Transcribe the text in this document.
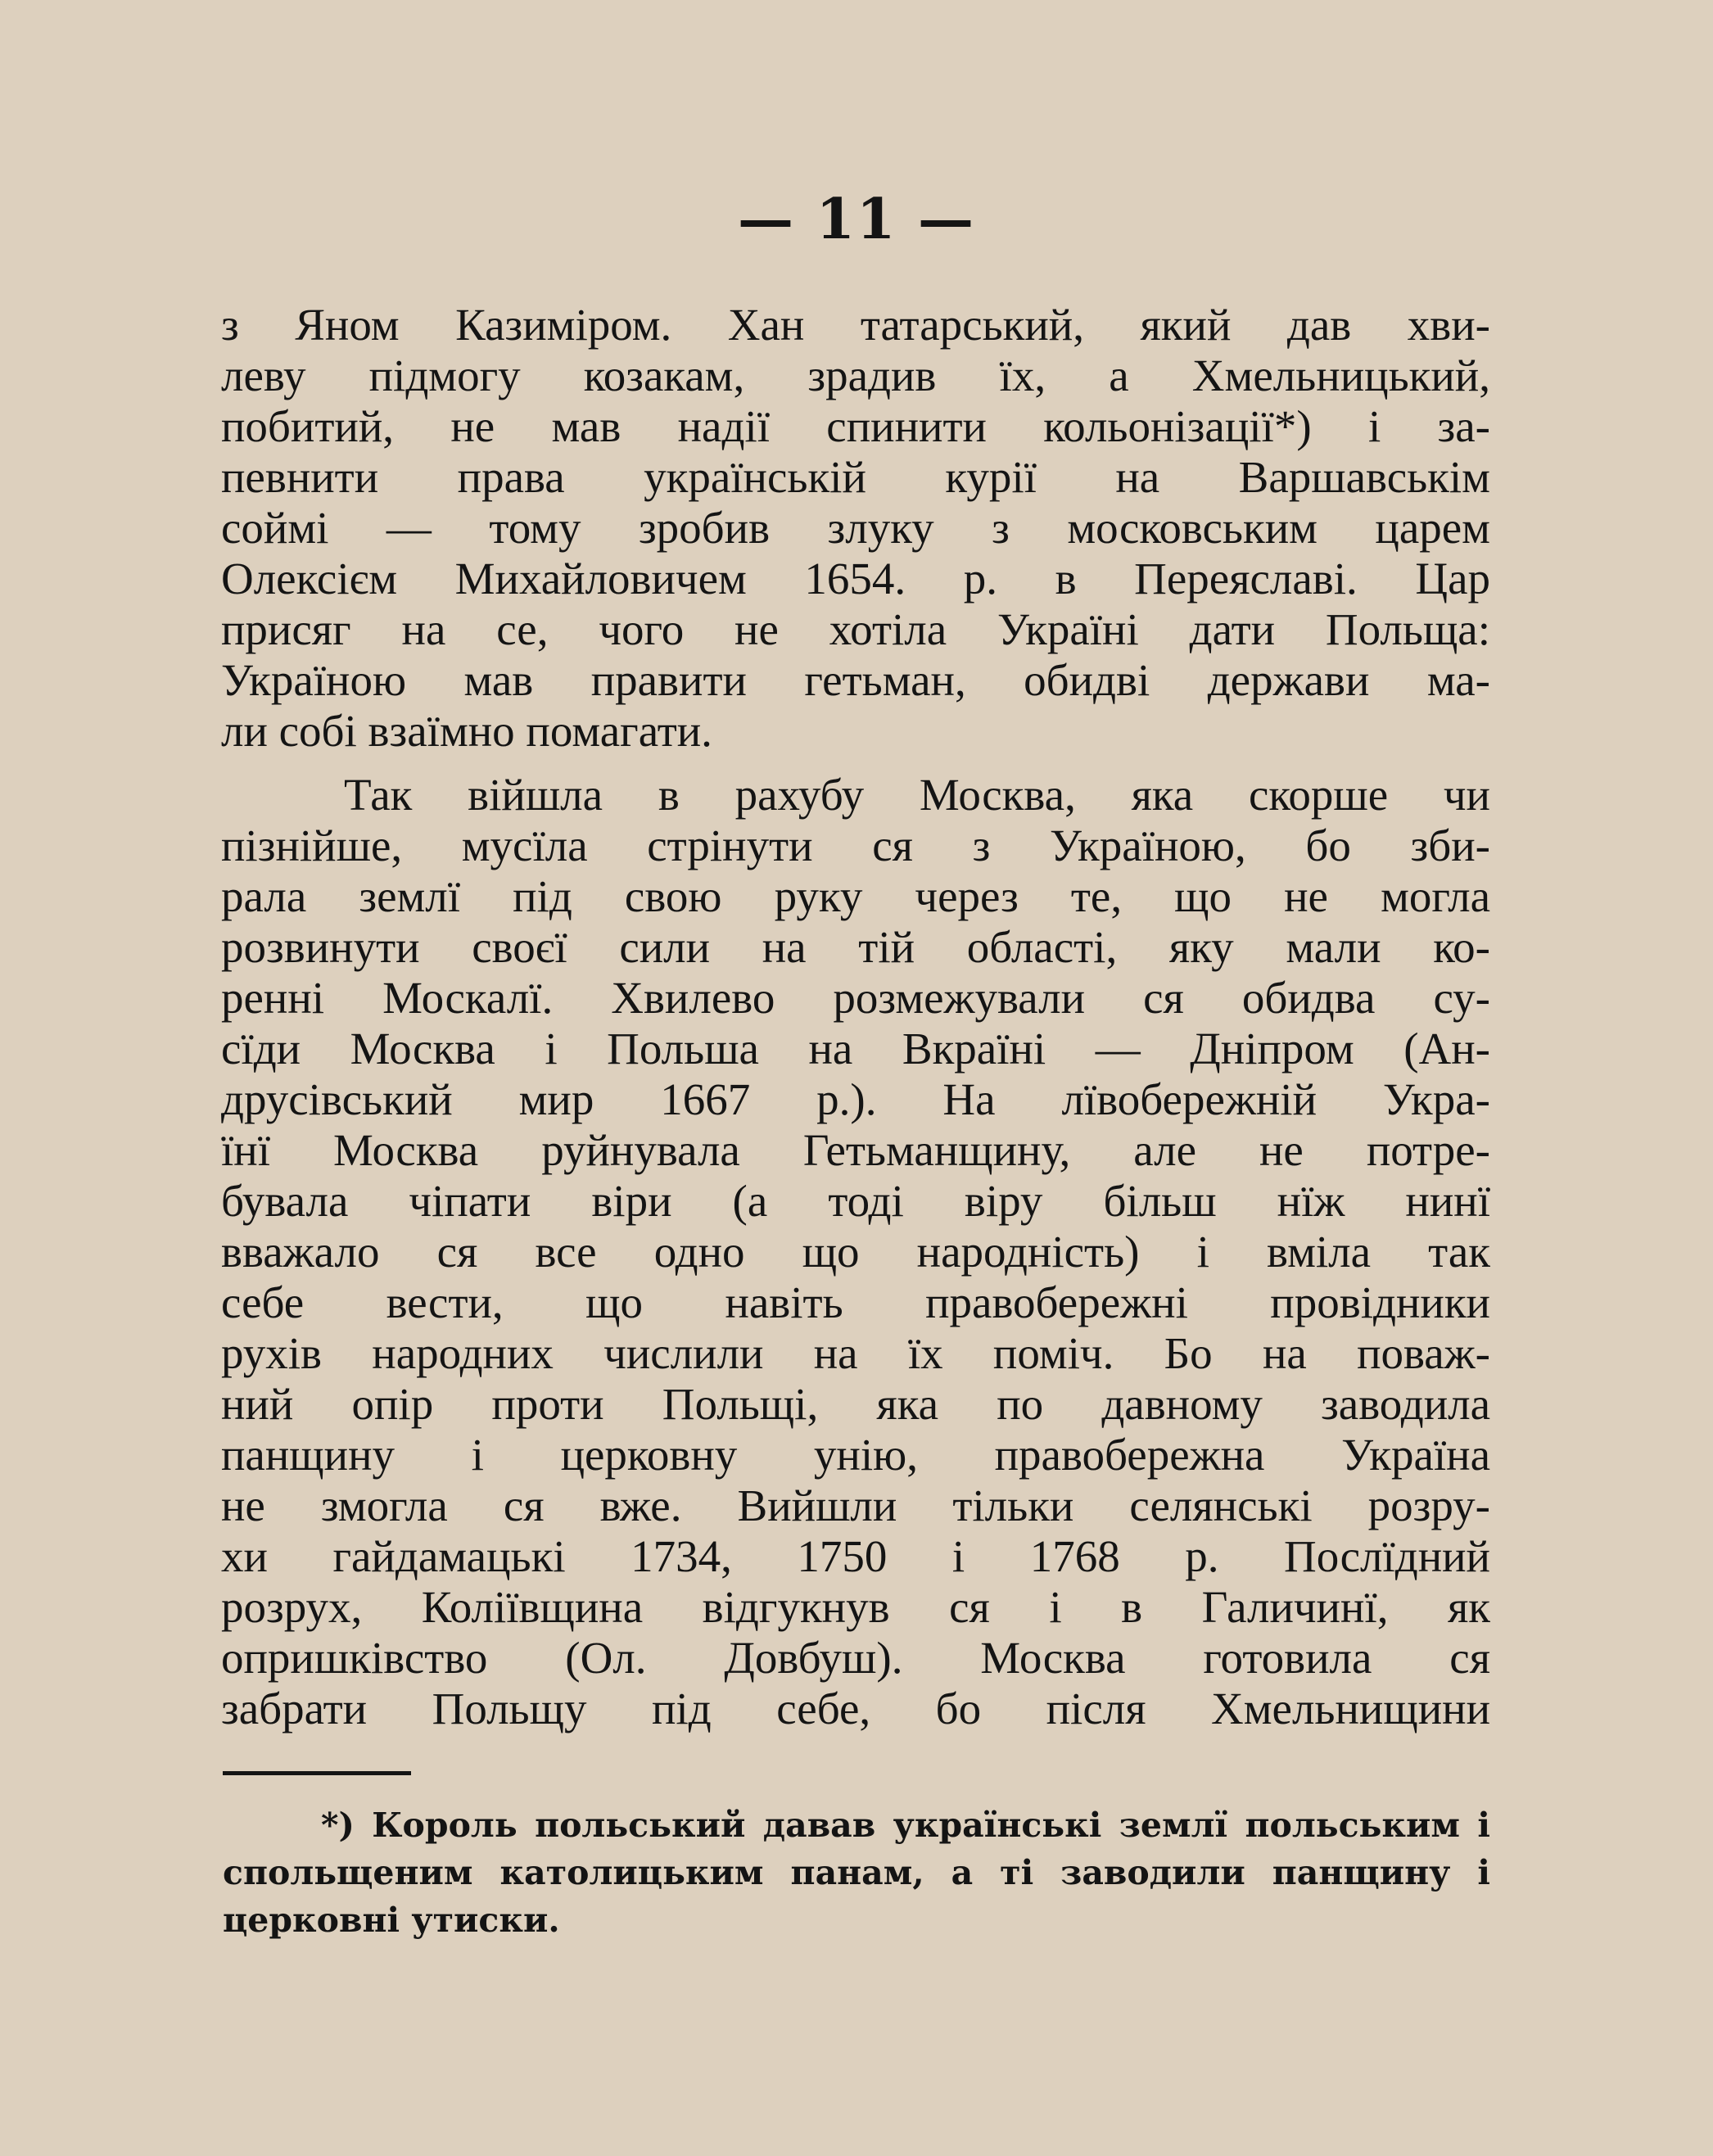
— 11 —
з Яном Казиміром. Хан татарський, який дав хви-
леву підмогу козакам, зрадив їх, а Хмельницький,
побитий, не мав надії спинити кольонізації*) і за-
певнити права українській курії на Варшавськім
соймі — тому зробив злуку з московським царем
Олексієм Михайловичем 1654. р. в Переяславі. Цар
присяг на се, чого не хотіла Україні дати Польща:
Україною мав правити гетьман, обидві держави ма-
ли собі взаїмно помагати.
Так війшла в рахубу Москва, яка скорше чи
пізнійше, мусїла стрінути ся з Україною, бо зби-
рала землї під свою руку через те, що не могла
розвинути своєї сили на тій області, яку мали ко-
ренні Москалї. Хвилево розмежували ся обидва су-
сїди Москва і Польша на Вкраїні — Дніпром (Ан-
друсівський мир 1667 р.). На лївобережній Укра-
їнї Москва руйнувала Гетьманщину, але не потре-
бувала чіпати віри (а тоді віру більш нїж нинї
вважало ся все одно що народність) і вміла так
себе вести, що навіть правобережні провідники
рухів народних числили на їх поміч. Бо на поваж-
ний опір проти Польщі, яка по давному заводила
панщину і церковну унію, правобережна Україна
не змогла ся вже. Вийшли тільки селянські розру-
хи гайдамацькі 1734, 1750 і 1768 р. Послїдний
розрух, Коліївщина відгукнув ся і в Галичинї, як
опришківство (Ол. Довбуш). Москва готовила ся
забрати Польщу під себе, бо після Хмельнищини
*) Король польський давав українські землї польським і
спольщеним католицьким панам, а ті заводили панщину і
церковні утиски.
